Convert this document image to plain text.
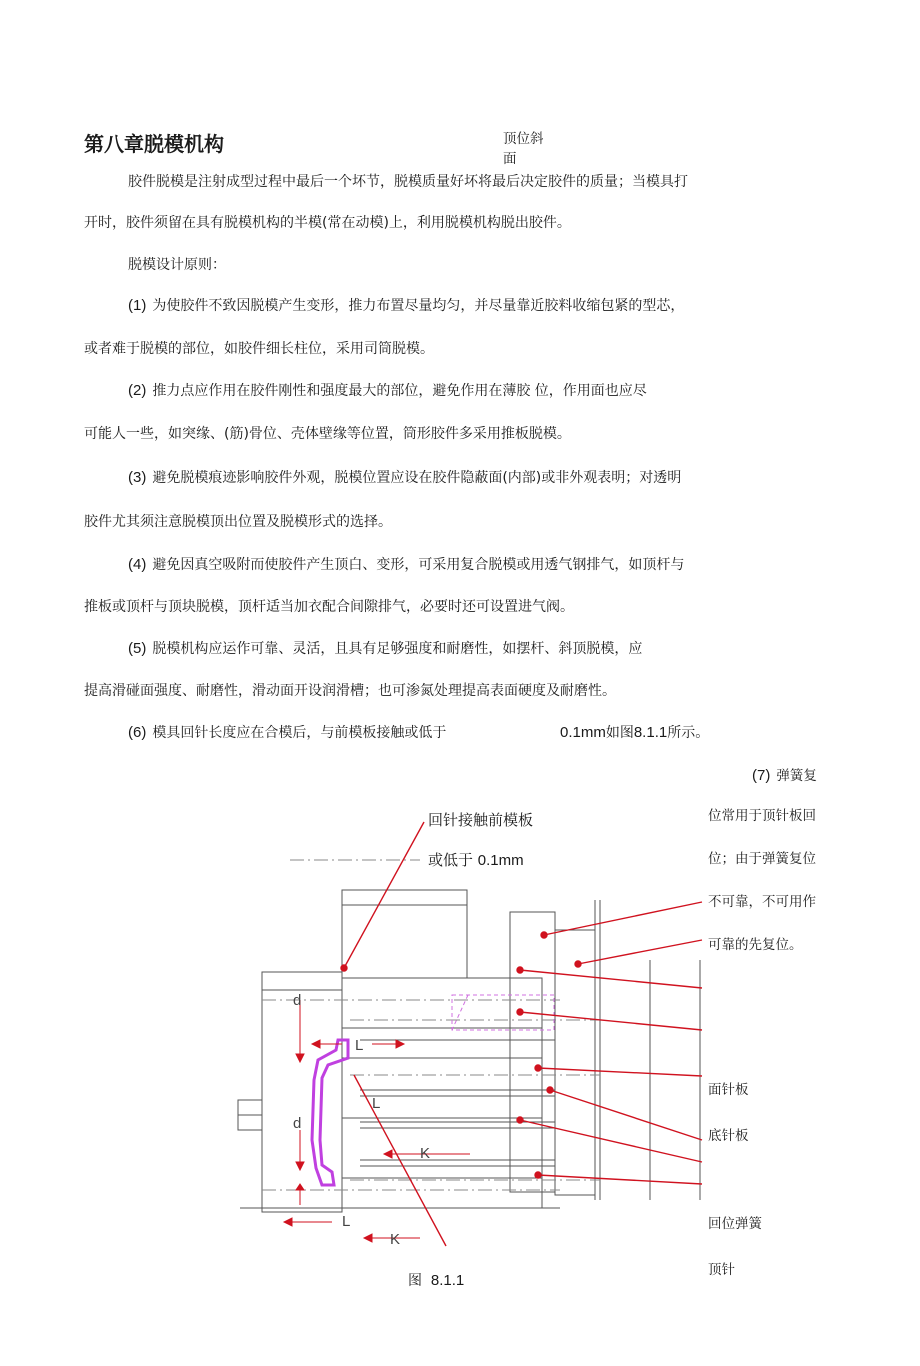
第八章脱模机构	顶位斜
面
胶件脱模是注射成型过程中最后一个坏节，脱模质量好坏将最后决定胶件的质量；当模具打
开时，胶件须留在具有脱模机构的半模(常在动模)上，利用脱模机构脱出胶件。
脱模设计原则：
(1) 为使胶件不致因脱模产生变形，推力布置尽量均匀，并尽量靠近胶料收缩包紧的型芯，
或者难于脱模的部位，如胶件细长柱位，采用司筒脱模。
(2) 推力点应作用在胶件刚性和强度最大的部位，避免作用在薄胶 位，作用面也应尽
可能人一些，如突缘、(筋)骨位、壳体壁缘等位置，筒形胶件多采用推板脱模。
(3) 避免脱模痕迹影响胶件外观，脱模位置应设在胶件隐蔽面(内部)或非外观表明；对透明
胶件尤其须注意脱模顶出位置及脱模形式的选择。
(4) 避免因真空吸附而使胶件产生顶白、变形，可采用复合脱模或用透气钢排气，如顶杆与
推板或顶杆与顶块脱模，顶杆适当加衣配合间隙排气，必要时还可设置进气阀。
(5) 脱模机构应运作可靠、灵活，且具有足够强度和耐磨性，如摆杆、斜顶脱模，应
提高滑碰面强度、耐磨性，滑动面开设润滑槽；也可渗氮处理提高表面硬度及耐磨性。
(6) 模具回针长度应在合模后，与前模板接触或低于	0.1mm如图8.1.1所示。
(7) 弹簧复
位常用于顶针板回
位；由于弹簧复位
不可靠，不可用作
可靠的先复位。
回针接触前模板
或低于 0.1mm
面针板
底针板
回位弹簧
顶针
图 8.1.1
d
d
L
L
L
K
K
